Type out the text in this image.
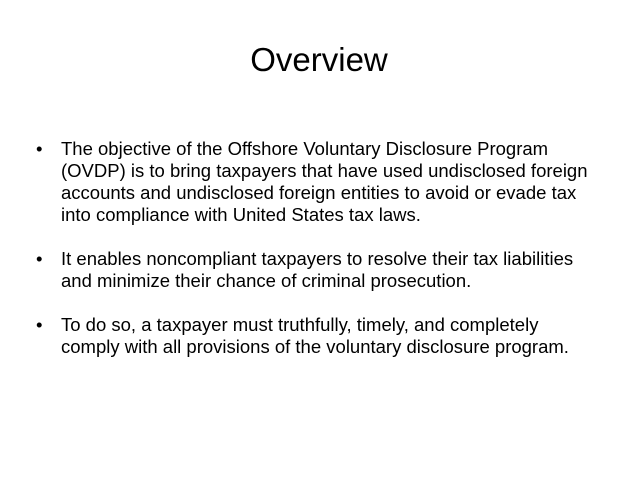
Overview
•	The objective of the Offshore Voluntary Disclosure Program (OVDP) is to bring taxpayers that have used undisclosed foreign accounts and undisclosed foreign entities to avoid or evade tax into compliance with United States tax laws.
•	It enables noncompliant taxpayers to resolve their tax liabilities and minimize their chance of criminal prosecution.
•	To do so, a taxpayer must truthfully, timely, and completely comply with all provisions of the voluntary disclosure program.
